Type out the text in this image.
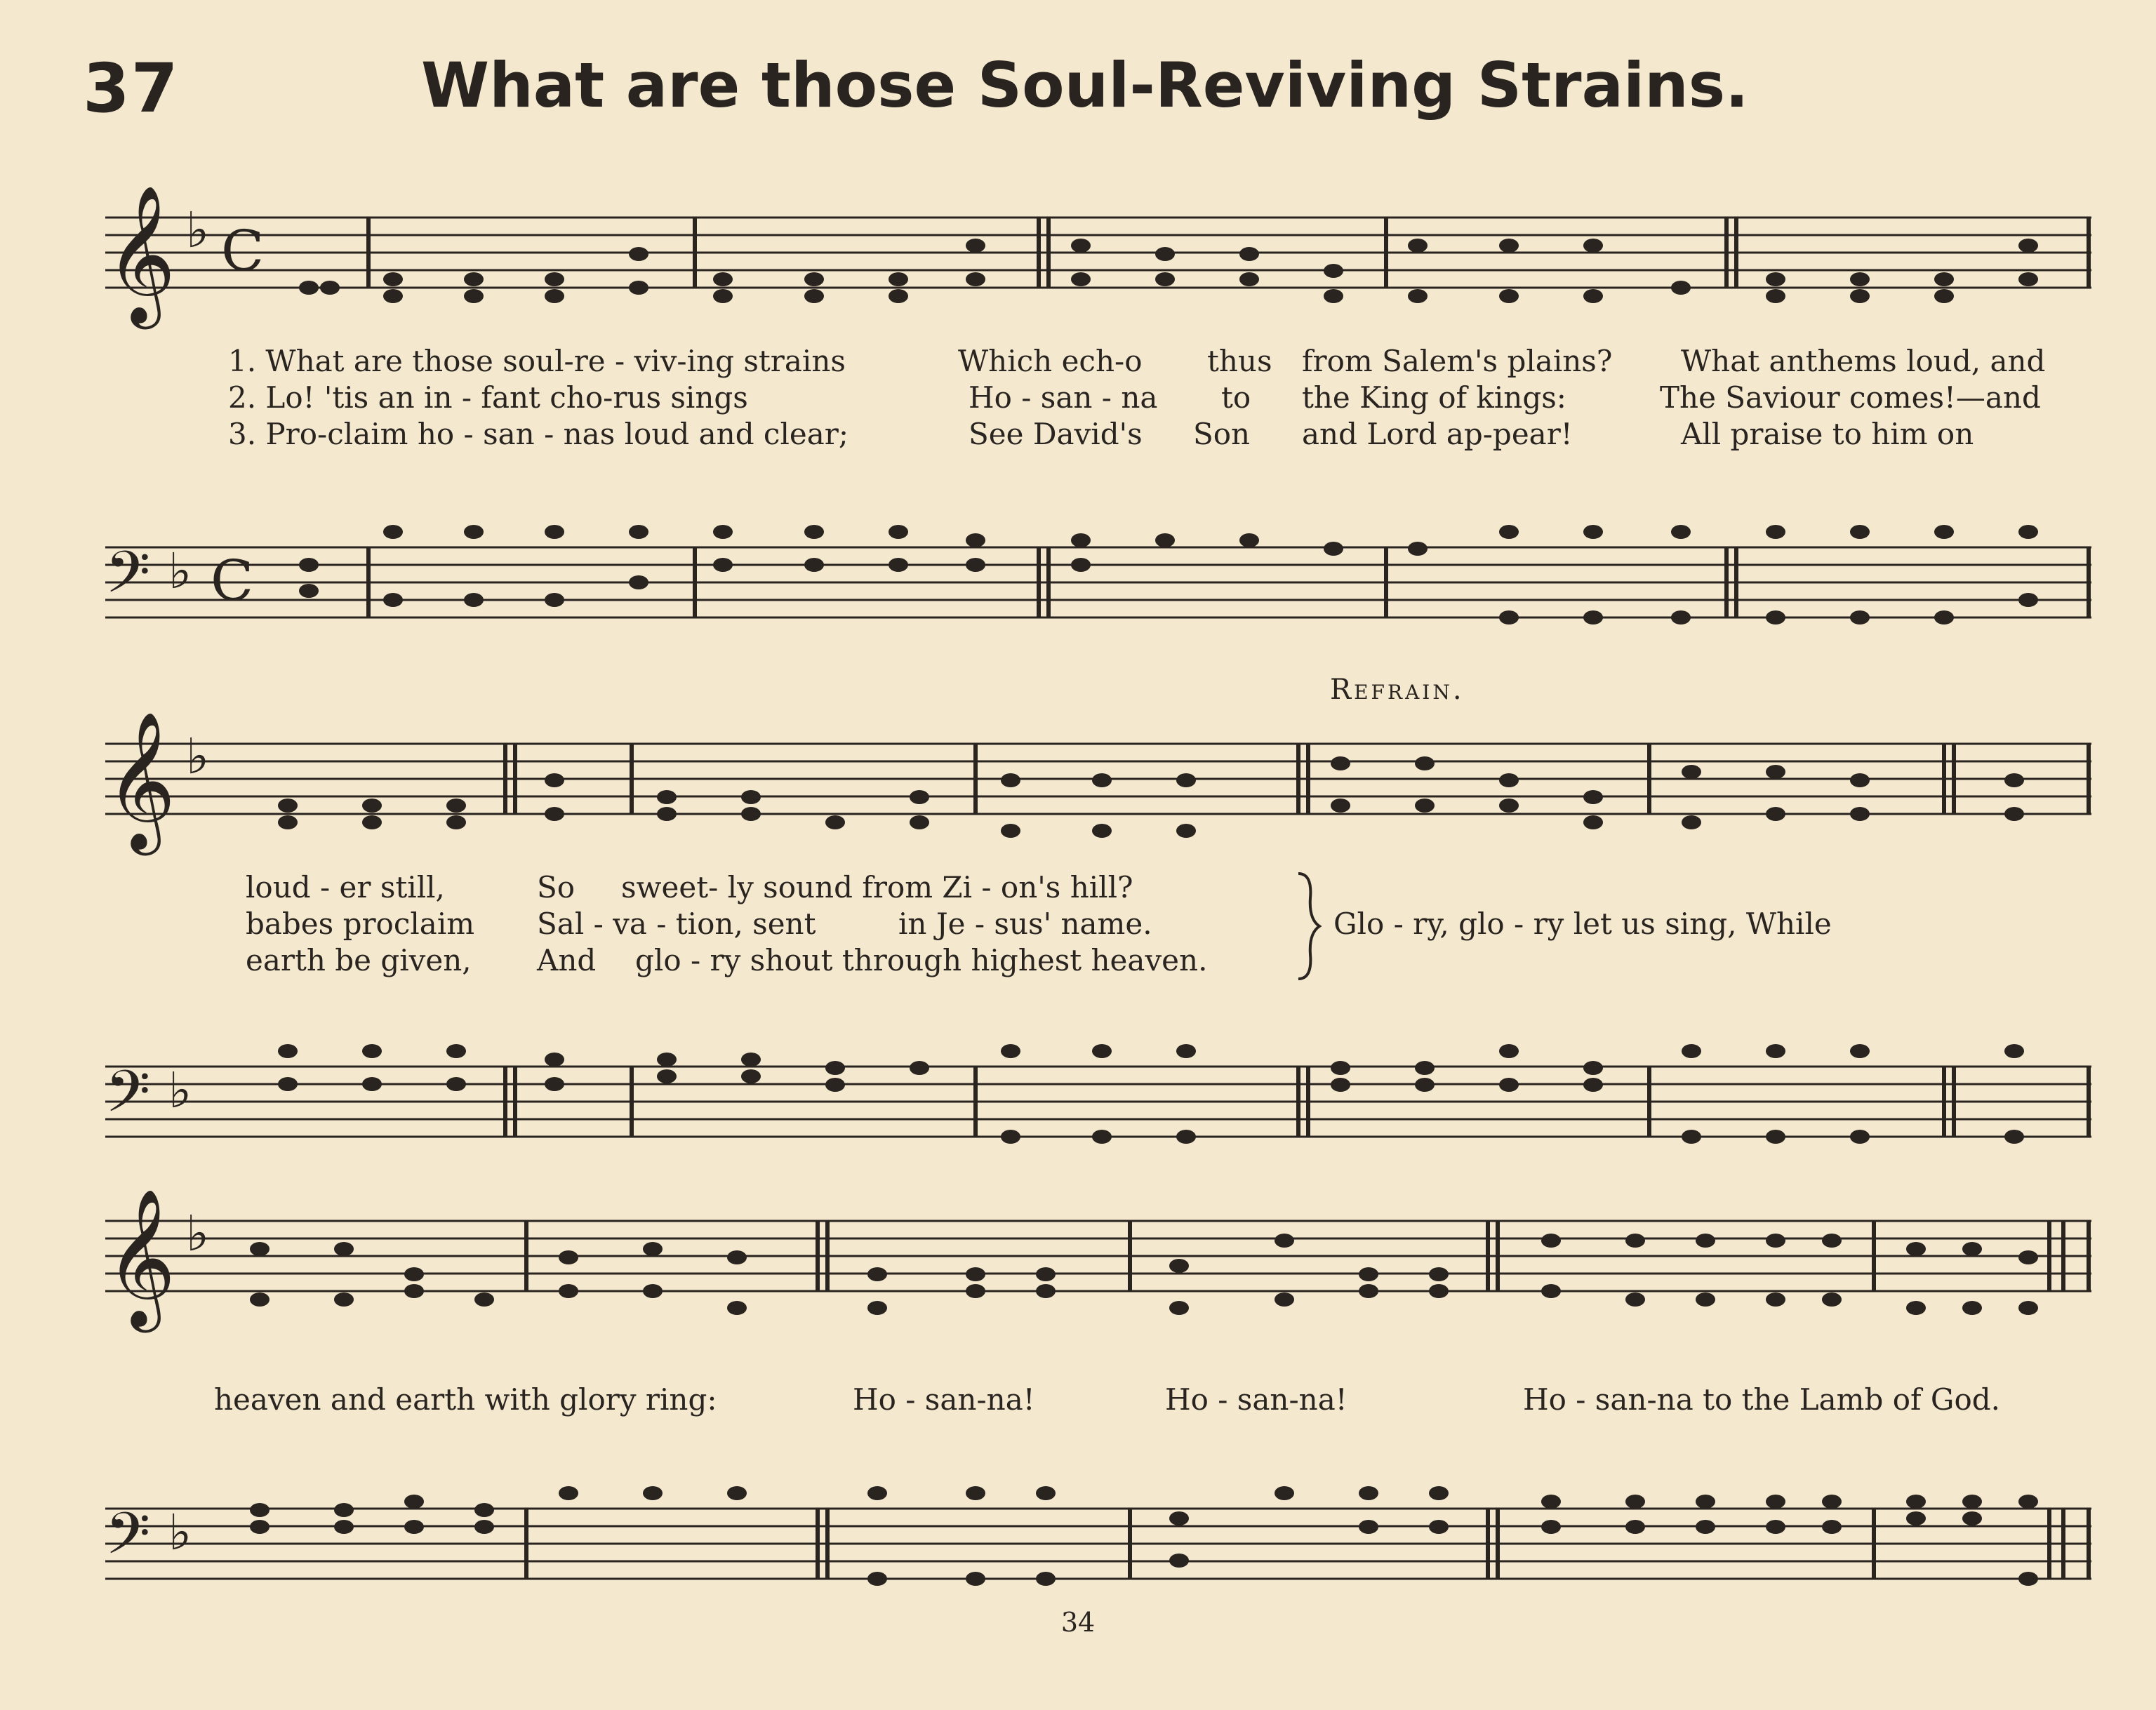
37	What are those Soul-Reviving Strains.
𝄞 ♭ C
1. What are those soul-re - viv-ing strains	Which ech-o thus from Salem's plains? What anthems loud, and
2. Lo! 'tis an in - fant cho-rus sings	Ho - san - na to the King of kings:	The Saviour comes!—and
3. Pro-claim ho - san - nas loud and clear;	See David's Son and Lord ap-pear!	All praise to him on
𝄢 ♭ C
Refrain.
𝄞 ♭
loud - er still,	So sweet- ly sound from Zi - on's hill?
babes proclaim Sal - va - tion, sent	in Je - sus' name.	Glo - ry, glo - ry let us sing, While
earth be given, And glo - ry shout through highest heaven.
𝄢 ♭
𝄞 ♭
heaven and earth with glory ring:	Ho - san-na!	Ho - san-na!	Ho - san-na to the Lamb of God.
𝄢 ♭
34
